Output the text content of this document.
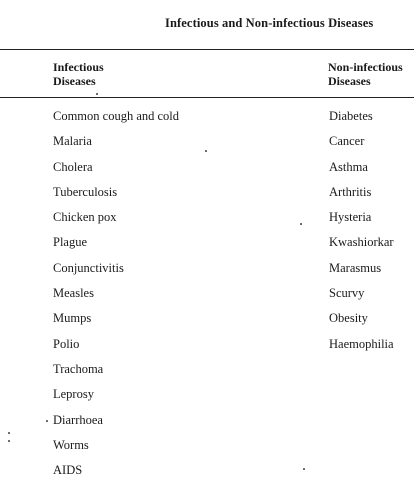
Infectious and Non-infectious Diseases
Infectious
Diseases
Non-infectious
Diseases
Common cough and cold
Malaria
Cholera
Tuberculosis
Chicken pox
Plague
Conjunctivitis
Measles
Mumps
Polio
Trachoma
Leprosy
Diarrhoea
Worms
AIDS
Diabetes
Cancer
Asthma
Arthritis
Hysteria
Kwashiorkar
Marasmus
Scurvy
Obesity
Haemophilia
